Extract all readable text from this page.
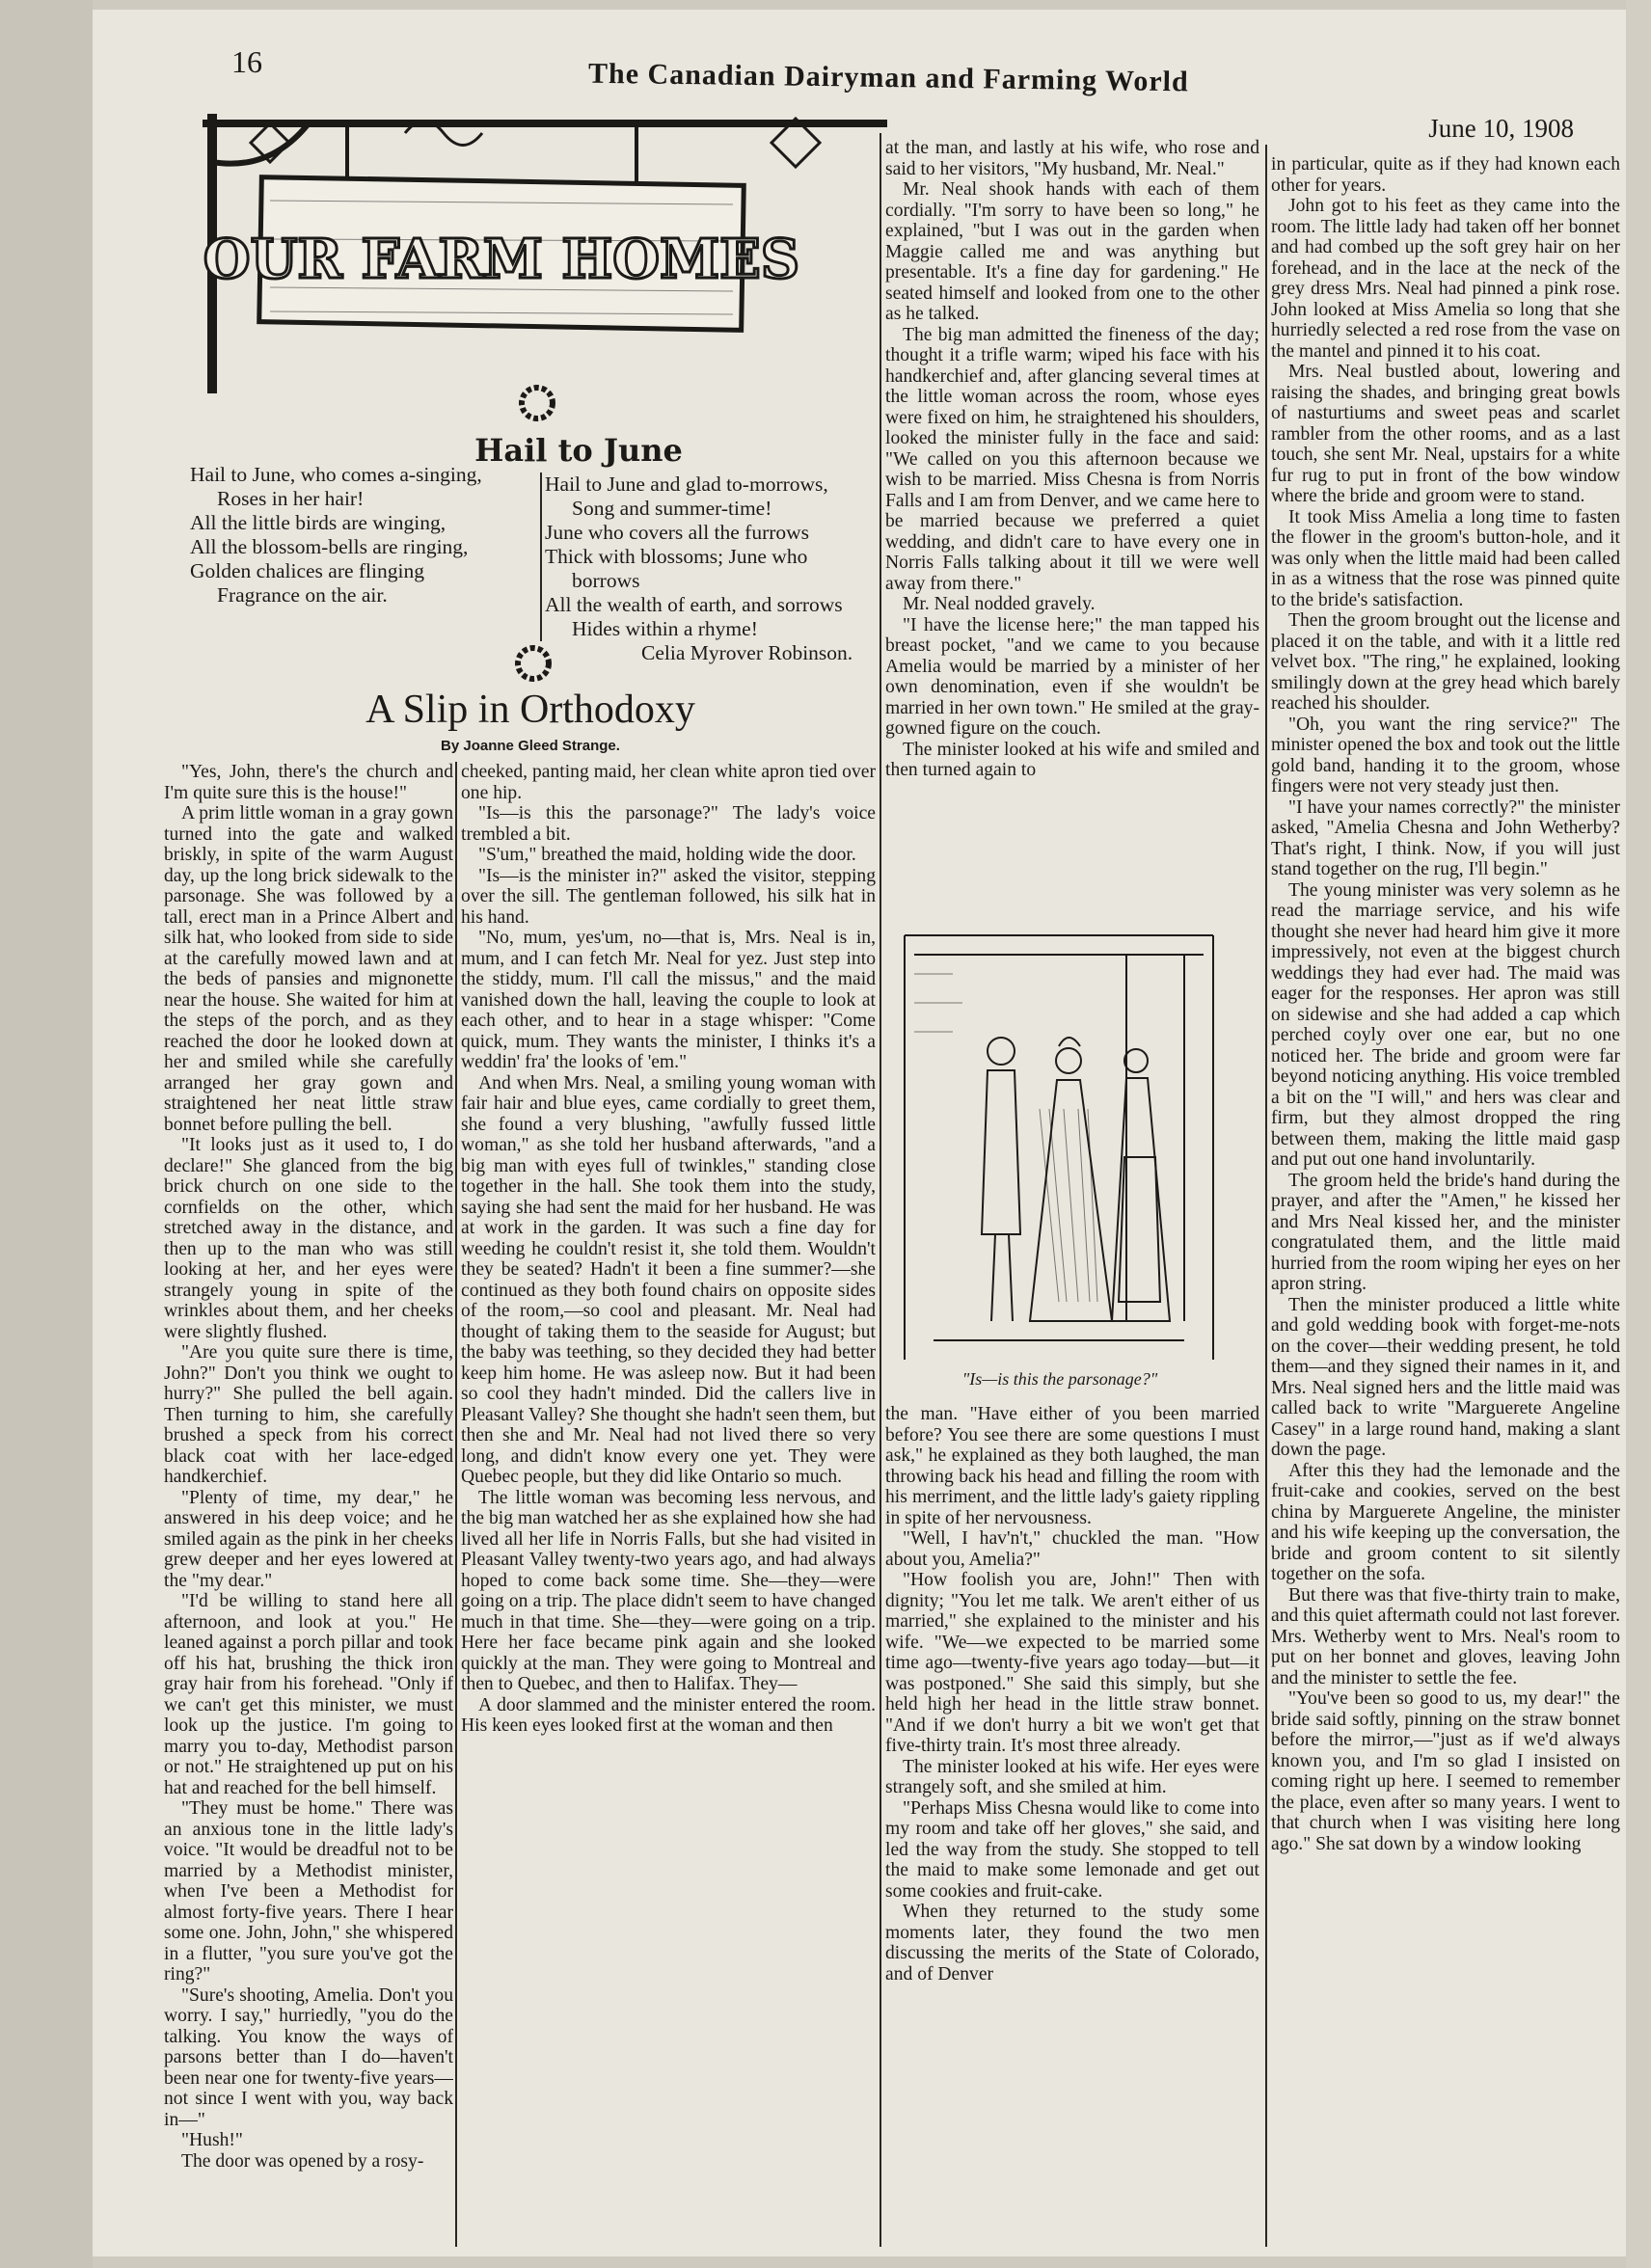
16	The Canadian Dairyman and Farming World
June 10, 1908
OUR FARM HOMES
Hail to June
Hail to June, who comes a-singing,
Roses in her hair!
All the little birds are winging,
All the blossom-bells are ringing,
Golden chalices are flinging
Fragrance on the air.
Hail to June and glad to-morrows,
Song and summer-time!
June who covers all the furrows
Thick with blossoms; June who
borrows
All the wealth of earth, and sorrows
Hides within a rhyme!
Celia Myrover Robinson.
A Slip in Orthodoxy
By Joanne Gleed Strange.

"Yes, John, there's the church and I'm quite sure this is the house!"

A prim little woman in a gray gown turned into the gate and walked briskly, in spite of the warm August day, up the long brick sidewalk to the parsonage. She was followed by a tall, erect man in a Prince Albert and silk hat, who looked from side to side at the carefully mowed lawn and at the beds of pansies and mignonette near the house. She waited for him at the steps of the porch, and as they reached the door he looked down at her and smiled while she carefully arranged her gray gown and straightened her neat little straw bonnet before pulling the bell.

"It looks just as it used to, I do declare!" She glanced from the big brick church on one side to the cornfields on the other, which stretched away in the distance, and then up to the man who was still looking at her, and her eyes were strangely young in spite of the wrinkles about them, and her cheeks were slightly flushed.

"Are you quite sure there is time, John?" Don't you think we ought to hurry?" She pulled the bell again. Then turning to him, she carefully brushed a speck from his correct black coat with her lace-edged handkerchief.

"Plenty of time, my dear," he answered in his deep voice; and he smiled again as the pink in her cheeks grew deeper and her eyes lowered at the "my dear."

"I'd be willing to stand here all afternoon, and look at you." He leaned against a porch pillar and took off his hat, brushing the thick iron gray hair from his forehead. "Only if we can't get this minister, we must look up the justice. I'm going to marry you to-day, Methodist parson or not." He straightened up put on his hat and reached for the bell himself.

"They must be home." There was an anxious tone in the little lady's voice. "It would be dreadful not to be married by a Methodist minister, when I've been a Methodist for almost forty-five years. There I hear some one. John, John," she whispered in a flutter, "you sure you've got the ring?"

"Sure's shooting, Amelia. Don't you worry. I say," hurriedly, "you do the talking. You know the ways of parsons better than I do—haven't been near one for twenty-five years—not since I went with you, way back in—"

"Hush!"

The door was opened by a rosy-

cheeked, panting maid, her clean white apron tied over one hip.

"Is—is this the parsonage?" The lady's voice trembled a bit.

"S'um," breathed the maid, holding wide the door.

"Is—is the minister in?" asked the visitor, stepping over the sill. The gentleman followed, his silk hat in his hand.

"No, mum, yes'um, no—that is, Mrs. Neal is in, mum, and I can fetch Mr. Neal for yez. Just step into the stiddy, mum. I'll call the missus," and the maid vanished down the hall, leaving the couple to look at each other, and to hear in a stage whisper: "Come quick, mum. They wants the minister, I thinks it's a weddin' fra' the looks of 'em."

And when Mrs. Neal, a smiling young woman with fair hair and blue eyes, came cordially to greet them, she found a very blushing, "awfully fussed little woman," as she told her husband afterwards, "and a big man with eyes full of twinkles," standing close together in the hall. She took them into the study, saying she had sent the maid for her husband. He was at work in the garden. It was such a fine day for weeding he couldn't resist it, she told them. Wouldn't they be seated? Hadn't it been a fine summer?—she continued as they both found chairs on opposite sides of the room,—so cool and pleasant. Mr. Neal had thought of taking them to the seaside for August; but the baby was teething, so they decided they had better keep him home. He was asleep now. But it had been so cool they hadn't minded. Did the callers live in Pleasant Valley? She thought she hadn't seen them, but then she and Mr. Neal had not lived there so very long, and didn't know every one yet. They were Quebec people, but they did like Ontario so much.

The little woman was becoming less nervous, and the big man watched her as she explained how she had lived all her life in Norris Falls, but she had visited in Pleasant Valley twenty-two years ago, and had always hoped to come back some time. She—they—were going on a trip. The place didn't seem to have changed much in that time. She—they—were going on a trip. Here her face became pink again and she looked quickly at the man. They were going to Montreal and then to Quebec, and then to Halifax. They—

A door slammed and the minister entered the room. His keen eyes looked first at the woman and then

at the man, and lastly at his wife, who rose and said to her visitors, "My husband, Mr. Neal."

Mr. Neal shook hands with each of them cordially. "I'm sorry to have been so long," he explained, "but I was out in the garden when Maggie called me and was anything but presentable. It's a fine day for gardening." He seated himself and looked from one to the other as he talked.

The big man admitted the fineness of the day; thought it a trifle warm; wiped his face with his handkerchief and, after glancing several times at the little woman across the room, whose eyes were fixed on him, he straightened his shoulders, looked the minister fully in the face and said: "We called on you this afternoon because we wish to be married. Miss Chesna is from Norris Falls and I am from Denver, and we came here to be married because we preferred a quiet wedding, and didn't care to have every one in Norris Falls talking about it till we were well away from there."

Mr. Neal nodded gravely.

"I have the license here;" the man tapped his breast pocket, "and we came to you because Amelia would be married by a minister of her own denomination, even if she wouldn't be married in her own town." He smiled at the gray-gowned figure on the couch.

The minister looked at his wife and smiled and then turned again to

"Is—is this the parsonage?"

the man. "Have either of you been married before? You see there are some questions I must ask," he explained as they both laughed, the man throwing back his head and filling the room with his merriment, and the little lady's gaiety rippling in spite of her nervousness.

"Well, I hav'n't," chuckled the man. "How about you, Amelia?"

"How foolish you are, John!" Then with dignity; "You let me talk. We aren't either of us married," she explained to the minister and his wife. "We—we expected to be married some time ago—twenty-five years ago today—but—it was postponed." She said this simply, but she held high her head in the little straw bonnet. "And if we don't hurry a bit we won't get that five-thirty train. It's most three already.

The minister looked at his wife. Her eyes were strangely soft, and she smiled at him.

"Perhaps Miss Chesna would like to come into my room and take off her gloves," she said, and led the way from the study. She stopped to tell the maid to make some lemonade and get out some cookies and fruit-cake.

When they returned to the study some moments later, they found the two men discussing the merits of the State of Colorado, and of Denver

in particular, quite as if they had known each other for years.

John got to his feet as they came into the room. The little lady had taken off her bonnet and had combed up the soft grey hair on her forehead, and in the lace at the neck of the grey dress Mrs. Neal had pinned a pink rose. John looked at Miss Amelia so long that she hurriedly selected a red rose from the vase on the mantel and pinned it to his coat.

Mrs. Neal bustled about, lowering and raising the shades, and bringing great bowls of nasturtiums and sweet peas and scarlet rambler from the other rooms, and as a last touch, she sent Mr. Neal, upstairs for a white fur rug to put in front of the bow window where the bride and groom were to stand.

It took Miss Amelia a long time to fasten the flower in the groom's button-hole, and it was only when the little maid had been called in as a witness that the rose was pinned quite to the bride's satisfaction.

Then the groom brought out the license and placed it on the table, and with it a little red velvet box. "The ring," he explained, looking smilingly down at the grey head which barely reached his shoulder.

"Oh, you want the ring service?" The minister opened the box and took out the little gold band, handing it to the groom, whose fingers were not very steady just then.

"I have your names correctly?" the minister asked, "Amelia Chesna and John Wetherby? That's right, I think. Now, if you will just stand together on the rug, I'll begin."

The young minister was very solemn as he read the marriage service, and his wife thought she never had heard him give it more impressively, not even at the biggest church weddings they had ever had. The maid was eager for the responses. Her apron was still on sidewise and she had added a cap which perched coyly over one ear, but no one noticed her. The bride and groom were far beyond noticing anything. His voice trembled a bit on the "I will," and hers was clear and firm, but they almost dropped the ring between them, making the little maid gasp and put out one hand involuntarily.

The groom held the bride's hand during the prayer, and after the "Amen," he kissed her and Mrs Neal kissed her, and the minister congratulated them, and the little maid hurried from the room wiping her eyes on her apron string.

Then the minister produced a little white and gold wedding book with forget-me-nots on the cover—their wedding present, he told them—and they signed their names in it, and Mrs. Neal signed hers and the little maid was called back to write "Marguerete Angeline Casey" in a large round hand, making a slant down the page.

After this they had the lemonade and the fruit-cake and cookies, served on the best china by Marguerete Angeline, the minister and his wife keeping up the conversation, the bride and groom content to sit silently together on the sofa.

But there was that five-thirty train to make, and this quiet aftermath could not last forever. Mrs. Wetherby went to Mrs. Neal's room to put on her bonnet and gloves, leaving John and the minister to settle the fee.

"You've been so good to us, my dear!" the bride said softly, pinning on the straw bonnet before the mirror,—"just as if we'd always known you, and I'm so glad I insisted on coming right up here. I seemed to remember the place, even after so many years. I went to that church when I was visiting here long ago." She sat down by a window looking
